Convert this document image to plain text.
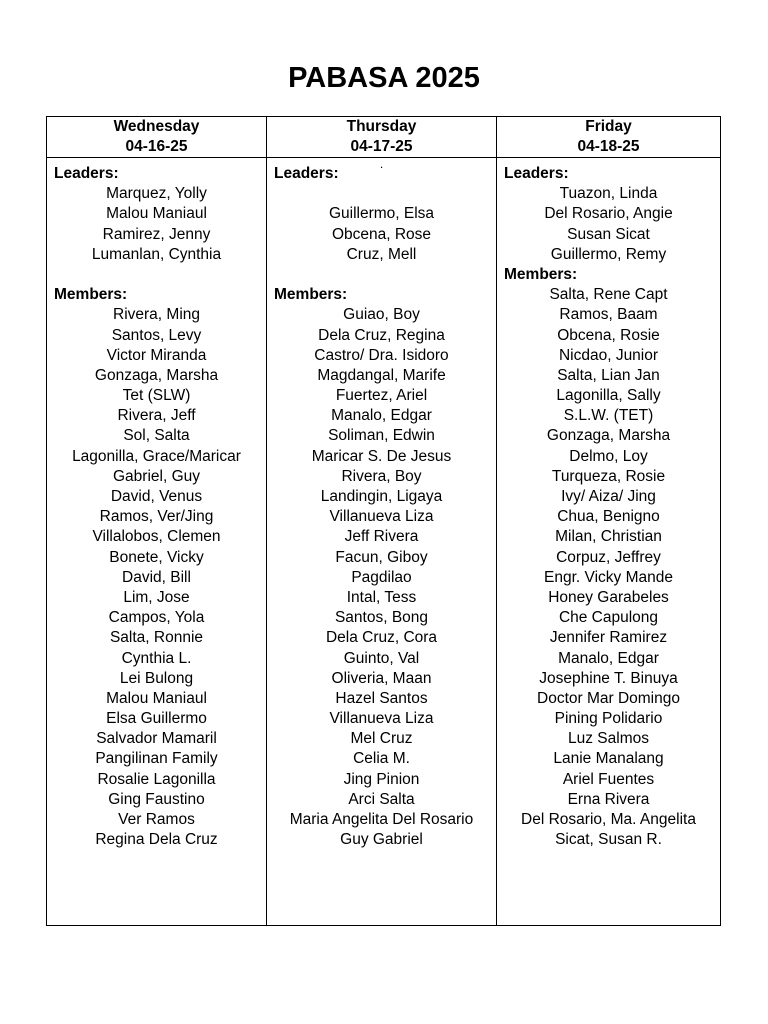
PABASA 2025
Wednesday
04-16-25
Thursday
04-17-25
Friday
04-18-25
Leaders:
Marquez, Yolly
Malou Maniaul
Ramirez, Jenny
Lumanlan, Cynthia
Members:
Rivera, Ming
Santos, Levy
Victor Miranda
Gonzaga, Marsha
Tet (SLW)
Rivera, Jeff
Sol, Salta
Lagonilla, Grace/Maricar
Gabriel, Guy
David, Venus
Ramos, Ver/Jing
Villalobos, Clemen
Bonete, Vicky
David, Bill
Lim, Jose
Campos, Yola
Salta, Ronnie
Cynthia L.
Lei Bulong
Malou Maniaul
Elsa Guillermo
Salvador Mamaril
Pangilinan Family
Rosalie Lagonilla
Ging Faustino
Ver Ramos
Regina Dela Cruz
.
Leaders:
Guillermo, Elsa
Obcena, Rose
Cruz, Mell
Members:
Guiao, Boy
Dela Cruz, Regina
Castro/ Dra. Isidoro
Magdangal, Marife
Fuertez, Ariel
Manalo, Edgar
Soliman, Edwin
Maricar S. De Jesus
Rivera, Boy
Landingin, Ligaya
Villanueva Liza
Jeff Rivera
Facun, Giboy
Pagdilao
Intal, Tess
Santos, Bong
Dela Cruz, Cora
Guinto, Val
Oliveria, Maan
Hazel Santos
Villanueva Liza
Mel Cruz
Celia M.
Jing Pinion
Arci Salta
Maria Angelita Del Rosario
Guy Gabriel
Leaders:
Tuazon, Linda
Del Rosario, Angie
Susan Sicat
Guillermo, Remy
Members:
Salta, Rene Capt
Ramos, Baam
Obcena, Rosie
Nicdao, Junior
Salta, Lian Jan
Lagonilla, Sally
S.L.W. (TET)
Gonzaga, Marsha
Delmo, Loy
Turqueza, Rosie
Ivy/ Aiza/ Jing
Chua, Benigno
Milan, Christian
Corpuz, Jeffrey
Engr. Vicky Mande
Honey Garabeles
Che Capulong
Jennifer Ramirez
Manalo, Edgar
Josephine T. Binuya
Doctor Mar Domingo
Pining Polidario
Luz Salmos
Lanie Manalang
Ariel Fuentes
Erna Rivera
Del Rosario, Ma. Angelita
Sicat, Susan R.
